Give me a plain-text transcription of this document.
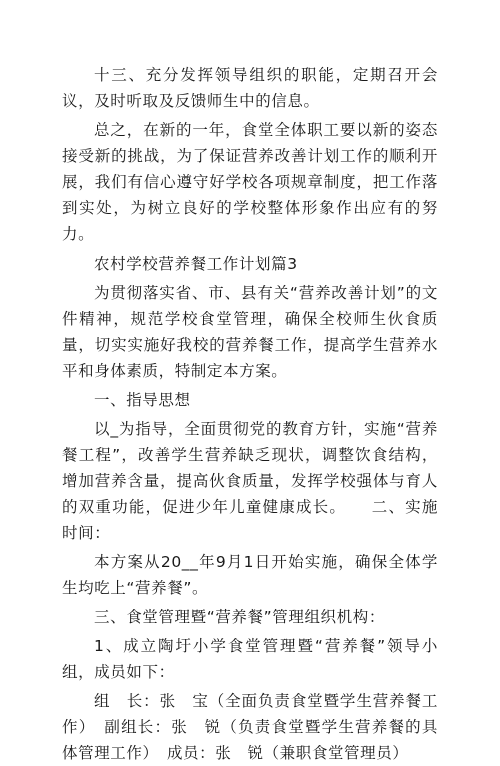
十三、充分发挥领导组织的职能，定期召开会议，及时听取及反馈师生中的信息。

总之，在新的一年，食堂全体职工要以新的姿态接受新的挑战，为了保证营养改善计划工作的顺利开展，我们有信心遵守好学校各项规章制度，把工作落到实处，为树立良好的学校整体形象作出应有的努力。

农村学校营养餐工作计划篇3

为贯彻落实省、市、县有关“营养改善计划”的文件精神，规范学校食堂管理，确保全校师生伙食质量，切实实施好我校的营养餐工作，提高学生营养水平和身体素质，特制定本方案。

一、指导思想

以_为指导，全面贯彻党的教育方针，实施“营养餐工程”，改善学生营养缺乏现状，调整饮食结构，增加营养含量，提高伙食质量，发挥学校强体与育人的双重功能，促进少年儿童健康成长。　　二、实施时间：

本方案从20__年9月1日开始实施，确保全体学生均吃上“营养餐”。

三、食堂管理暨“营养餐”管理组织机构：

1、成立陶圩小学食堂管理暨“营养餐”领导小组，成员如下：

组　长：张　宝（全面负责食堂暨学生营养餐工作）　副组长：张　锐（负责食堂暨学生营养餐的具体管理工作）　成员：张　锐（兼职食堂管理员）
